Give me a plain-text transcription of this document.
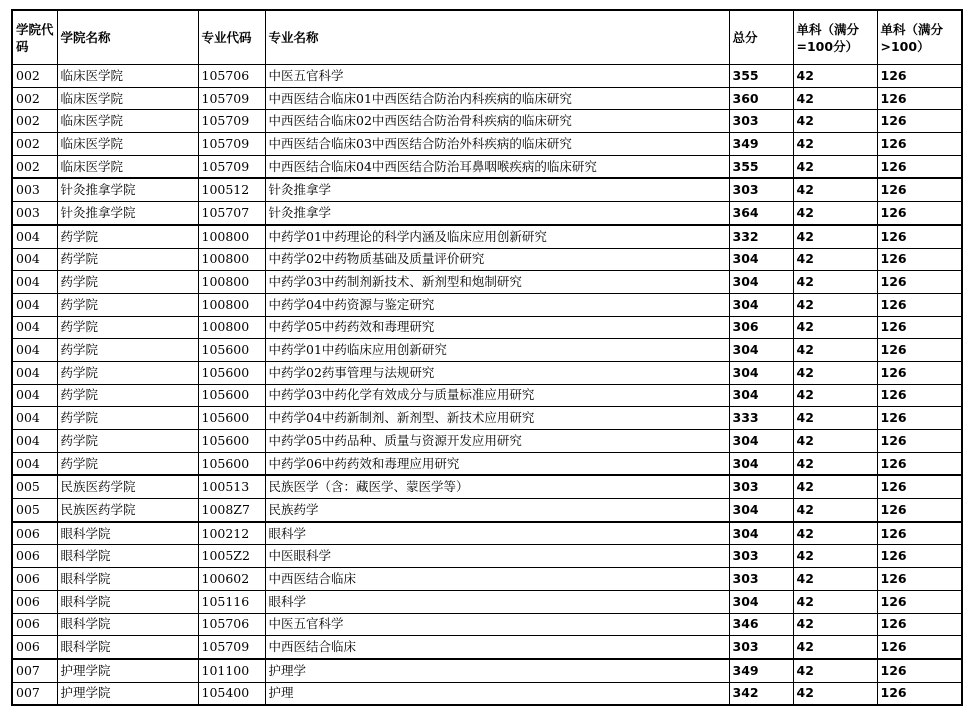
学院代码	学院名称	专业代码	专业名称	总分	单科（满分=100分）	单科（满分>100）
002	临床医学院	105706	中医五官科学	355	42	126
002	临床医学院	105709	中西医结合临床01中西医结合防治内科疾病的临床研究	360	42	126
002	临床医学院	105709	中西医结合临床02中西医结合防治骨科疾病的临床研究	303	42	126
002	临床医学院	105709	中西医结合临床03中西医结合防治外科疾病的临床研究	349	42	126
002	临床医学院	105709	中西医结合临床04中西医结合防治耳鼻咽喉疾病的临床研究	355	42	126
003	针灸推拿学院	100512	针灸推拿学	303	42	126
003	针灸推拿学院	105707	针灸推拿学	364	42	126
004	药学院	100800	中药学01中药理论的科学内涵及临床应用创新研究	332	42	126
004	药学院	100800	中药学02中药物质基础及质量评价研究	304	42	126
004	药学院	100800	中药学03中药制剂新技术、新剂型和炮制研究	304	42	126
004	药学院	100800	中药学04中药资源与鉴定研究	304	42	126
004	药学院	100800	中药学05中药药效和毒理研究	306	42	126
004	药学院	105600	中药学01中药临床应用创新研究	304	42	126
004	药学院	105600	中药学02药事管理与法规研究	304	42	126
004	药学院	105600	中药学03中药化学有效成分与质量标准应用研究	304	42	126
004	药学院	105600	中药学04中药新制剂、新剂型、新技术应用研究	333	42	126
004	药学院	105600	中药学05中药品种、质量与资源开发应用研究	304	42	126
004	药学院	105600	中药学06中药药效和毒理应用研究	304	42	126
005	民族医药学院	100513	民族医学（含：藏医学、蒙医学等）	303	42	126
005	民族医药学院	1008Z7	民族药学	304	42	126
006	眼科学院	100212	眼科学	304	42	126
006	眼科学院	1005Z2	中医眼科学	303	42	126
006	眼科学院	100602	中西医结合临床	303	42	126
006	眼科学院	105116	眼科学	304	42	126
006	眼科学院	105706	中医五官科学	346	42	126
006	眼科学院	105709	中西医结合临床	303	42	126
007	护理学院	101100	护理学	349	42	126
007	护理学院	105400	护理	342	42	126
